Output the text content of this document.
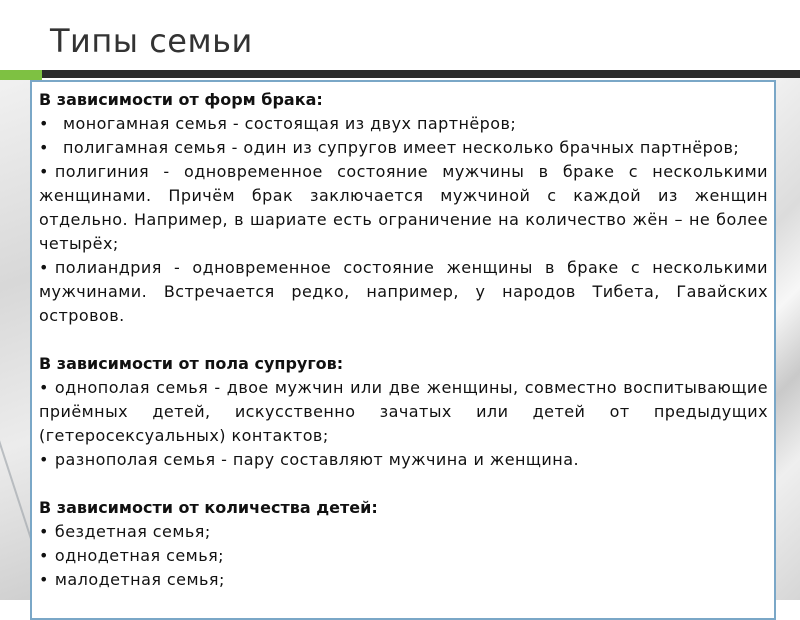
Типы семьи
В зависимости от форм брака:
• моногамная семья - состоящая из двух партнёров;
• полигамная семья - один из супругов имеет несколько брачных партнёров;
• полигиния - одновременное состояние мужчины в браке с несколькими женщинами. Причём брак заключается мужчиной с каждой из женщин отдельно. Например, в шариате есть ограничение на количество жён – не более четырёх;
• полиандрия - одновременное состояние женщины в браке с несколькими мужчинами. Встречается редко, например, у народов Тибета, Гавайских островов.
В зависимости от пола супругов:
• однополая семья - двое мужчин или две женщины, совместно воспитывающие приёмных детей, искусственно зачатых или детей от предыдущих (гетеросексуальных) контактов;
• разнополая семья - пару составляют мужчина и женщина.
В зависимости от количества детей:
• бездетная семья;
• однодетная семья;
• малодетная семья;
